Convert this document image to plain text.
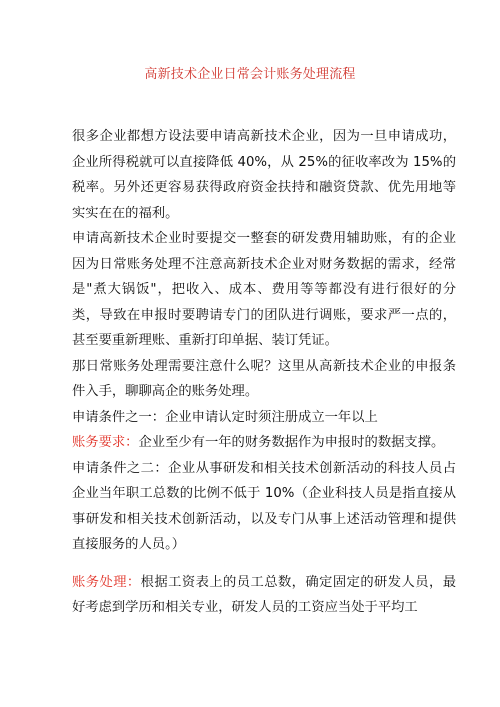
高新技术企业日常会计账务处理流程

很多企业都想方设法要申请高新技术企业，因为一旦申请成功，企业所得税就可以直接降低 40%，从 25%的征收率改为 15%的税率。另外还更容易获得政府资金扶持和融资贷款、优先用地等实实在在的福利。

申请高新技术企业时要提交一整套的研发费用辅助账，有的企业因为日常账务处理不注意高新技术企业对财务数据的需求，经常是"煮大锅饭"，把收入、成本、费用等等都没有进行很好的分类，导致在申报时要聘请专门的团队进行调账，要求严一点的，甚至要重新理账、重新打印单据、装订凭证。

那日常账务处理需要注意什么呢？这里从高新技术企业的申报条件入手，聊聊高企的账务处理。

申请条件之一：企业申请认定时须注册成立一年以上

账务要求：企业至少有一年的财务数据作为申报时的数据支撑。

申请条件之二：企业从事研发和相关技术创新活动的科技人员占企业当年职工总数的比例不低于 10%（企业科技人员是指直接从事研发和相关技术创新活动，以及专门从事上述活动管理和提供直接服务的人员。）

账务处理：根据工资表上的员工总数，确定固定的研发人员，最好考虑到学历和相关专业，研发人员的工资应当处于平均工
